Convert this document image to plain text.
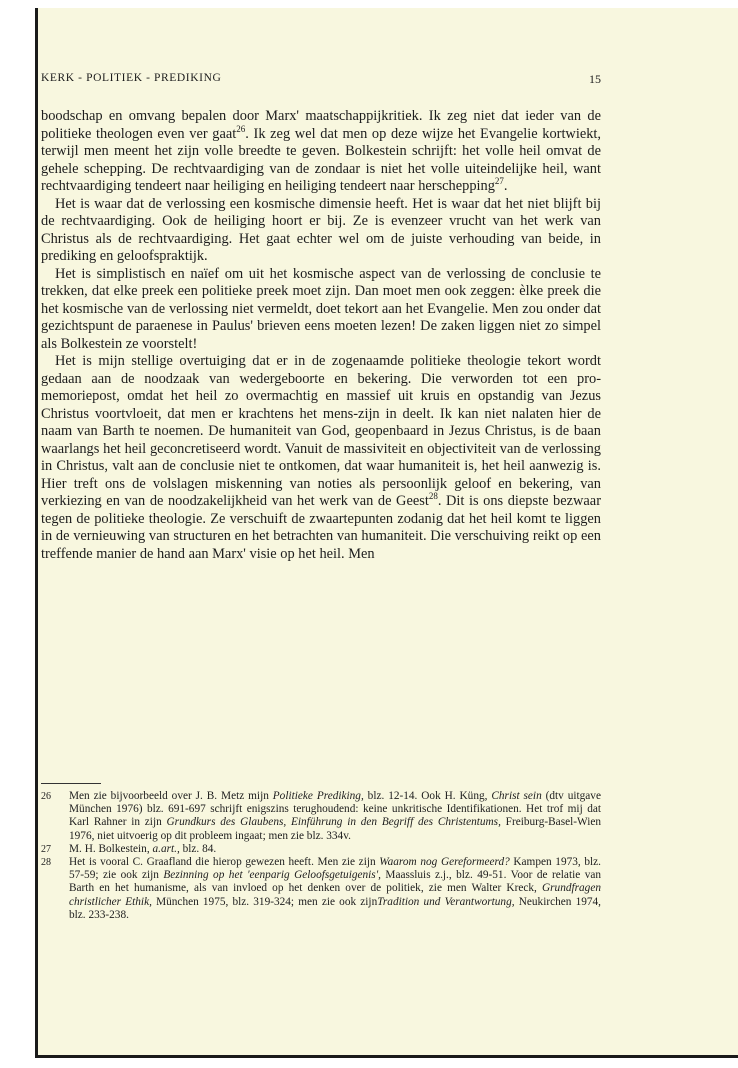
KERK - POLITIEK - PREDIKING	15

boodschap en omvang bepalen door Marx' maatschappijkritiek. Ik zeg niet dat ieder van de politieke theologen even ver gaat$^{26}$. Ik zeg wel dat men op deze wijze het Evangelie kortwiekt, terwijl men meent het zijn volle breedte te geven. Bolkestein schrijft: het volle heil omvat de gehele schepping. De rechtvaardiging van de zondaar is niet het volle uiteindelijke heil, want rechtvaardiging tendeert naar heiliging en heiliging tendeert naar herschepping$^{27}$.

Het is waar dat de verlossing een kosmische dimensie heeft. Het is waar dat het niet blijft bij de rechtvaardiging. Ook de heiliging hoort er bij. Ze is evenzeer vrucht van het werk van Christus als de rechtvaardiging. Het gaat echter wel om de juiste verhouding van beide, in prediking en geloofspraktijk.

Het is simplistisch en naïef om uit het kosmische aspect van de verlossing de conclusie te trekken, dat elke preek een politieke preek moet zijn. Dan moet men ook zeggen: èlke preek die het kosmische van de verlossing niet vermeldt, doet tekort aan het Evangelie. Men zou onder dat gezichtspunt de paraenese in Paulus' brieven eens moeten lezen! De zaken liggen niet zo simpel als Bolkestein ze voorstelt!

Het is mijn stellige overtuiging dat er in de zogenaamde politieke theologie tekort wordt gedaan aan de noodzaak van wedergeboorte en bekering. Die verworden tot een pro-memoriepost, omdat het heil zo overmachtig en massief uit kruis en opstandig van Jezus Christus voortvloeit, dat men er krachtens het mens-zijn in deelt. Ik kan niet nalaten hier de naam van Barth te noemen. De humaniteit van God, geopenbaard in Jezus Christus, is de baan waarlangs het heil geconcretiseerd wordt. Vanuit de massiviteit en objectiviteit van de verlossing in Christus, valt aan de conclusie niet te ontkomen, dat waar humaniteit is, het heil aanwezig is. Hier treft ons de volslagen miskenning van noties als persoonlijk geloof en bekering, van verkiezing en van de noodzakelijkheid van het werk van de Geest$^{28}$. Dit is ons diepste bezwaar tegen de politieke theologie. Ze verschuift de zwaartepunten zodanig dat het heil komt te liggen in de vernieuwing van structuren en het betrachten van humaniteit. Die verschuiving reikt op een treffende manier de hand aan Marx' visie op het heil. Men

26 Men zie bijvoorbeeld over J. B. Metz mijn Politieke Prediking, blz. 12-14. Ook H. Küng, Christ sein (dtv uitgave München 1976) blz. 691-697 schrijft enigszins terughoudend: keine unkritische Identifikationen. Het trof mij dat Karl Rahner in zijn Grundkurs des Glaubens, Einführung in den Begriff des Christentums, Freiburg-Basel-Wien 1976, niet uitvoerig op dit probleem ingaat; men zie blz. 334v.
27 M. H. Bolkestein, a.art., blz. 84.
28 Het is vooral C. Graafland die hierop gewezen heeft. Men zie zijn Waarom nog Gereformeerd? Kampen 1973, blz. 57-59; zie ook zijn Bezinning op het 'eenparig Geloofsgetuigenis', Maassluis z.j., blz. 49-51. Voor de relatie van Barth en het humanisme, als van invloed op het denken over de politiek, zie men Walter Kreck, Grundfragen christlicher Ethik, München 1975, blz. 319-324; men zie ook zijnTradition und Verantwortung, Neukirchen 1974, blz. 233-238.
